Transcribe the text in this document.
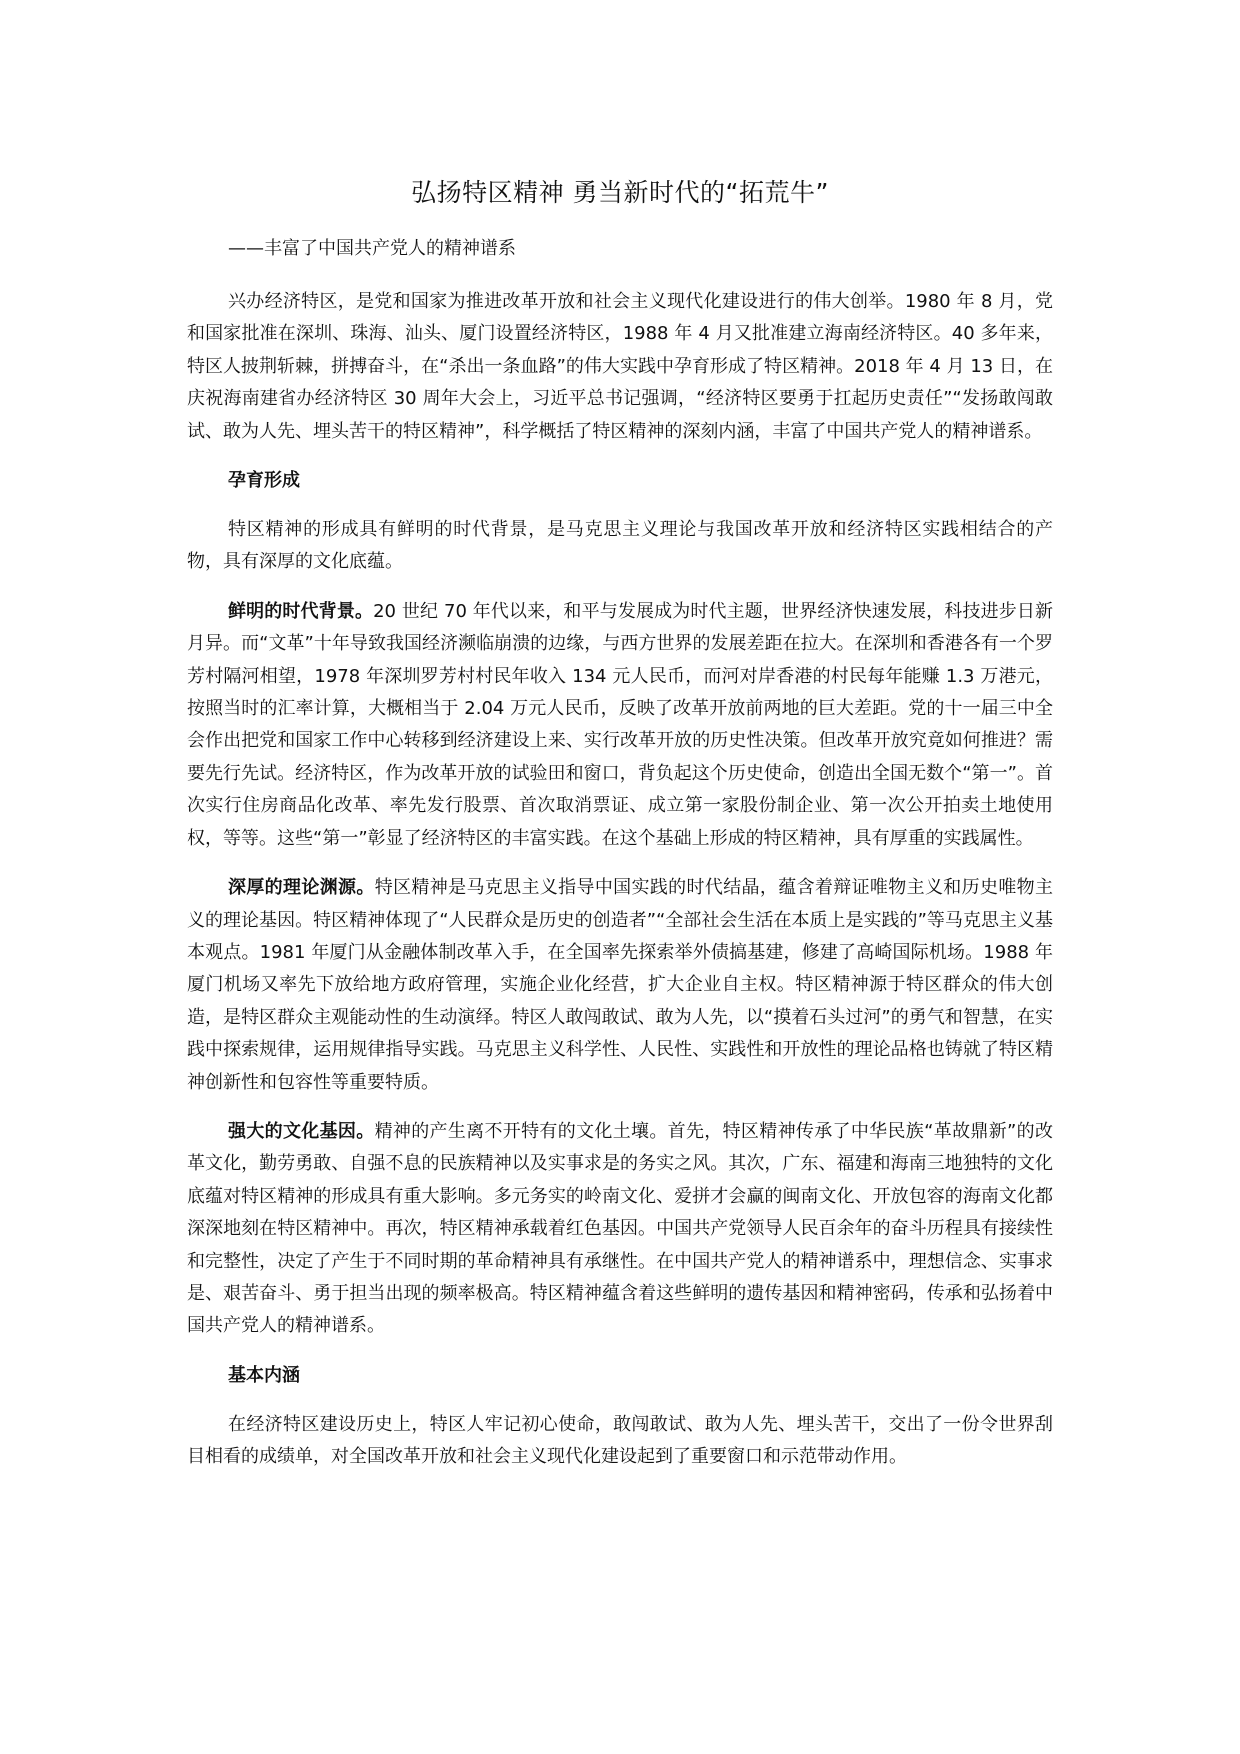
弘扬特区精神 勇当新时代的“拓荒牛”
——丰富了中国共产党人的精神谱系

兴办经济特区，是党和国家为推进改革开放和社会主义现代化建设进行的伟大创举。1980 年 8 月，党和国家批准在深圳、珠海、汕头、厦门设置经济特区，1988 年 4 月又批准建立海南经济特区。40 多年来，特区人披荆斩棘，拼搏奋斗，在“杀出一条血路”的伟大实践中孕育形成了特区精神。2018 年 4 月 13 日，在庆祝海南建省办经济特区 30 周年大会上，习近平总书记强调，“经济特区要勇于扛起历史责任”“发扬敢闯敢试、敢为人先、埋头苦干的特区精神”，科学概括了特区精神的深刻内涵，丰富了中国共产党人的精神谱系。

孕育形成

特区精神的形成具有鲜明的时代背景，是马克思主义理论与我国改革开放和经济特区实践相结合的产物，具有深厚的文化底蕴。

鲜明的时代背景。20 世纪 70 年代以来，和平与发展成为时代主题，世界经济快速发展，科技进步日新月异。而“文革”十年导致我国经济濒临崩溃的边缘，与西方世界的发展差距在拉大。在深圳和香港各有一个罗芳村隔河相望，1978 年深圳罗芳村村民年收入 134 元人民币，而河对岸香港的村民每年能赚 1.3 万港元，按照当时的汇率计算，大概相当于 2.04 万元人民币，反映了改革开放前两地的巨大差距。党的十一届三中全会作出把党和国家工作中心转移到经济建设上来、实行改革开放的历史性决策。但改革开放究竟如何推进？需要先行先试。经济特区，作为改革开放的试验田和窗口，背负起这个历史使命，创造出全国无数个“第一”。首次实行住房商品化改革、率先发行股票、首次取消票证、成立第一家股份制企业、第一次公开拍卖土地使用权，等等。这些“第一”彰显了经济特区的丰富实践。在这个基础上形成的特区精神，具有厚重的实践属性。

深厚的理论渊源。特区精神是马克思主义指导中国实践的时代结晶，蕴含着辩证唯物主义和历史唯物主义的理论基因。特区精神体现了“人民群众是历史的创造者”“全部社会生活在本质上是实践的”等马克思主义基本观点。1981 年厦门从金融体制改革入手，在全国率先探索举外债搞基建，修建了高崎国际机场。1988 年厦门机场又率先下放给地方政府管理，实施企业化经营，扩大企业自主权。特区精神源于特区群众的伟大创造，是特区群众主观能动性的生动演绎。特区人敢闯敢试、敢为人先，以“摸着石头过河”的勇气和智慧，在实践中探索规律，运用规律指导实践。马克思主义科学性、人民性、实践性和开放性的理论品格也铸就了特区精神创新性和包容性等重要特质。

强大的文化基因。精神的产生离不开特有的文化土壤。首先，特区精神传承了中华民族“革故鼎新”的改革文化，勤劳勇敢、自强不息的民族精神以及实事求是的务实之风。其次，广东、福建和海南三地独特的文化底蕴对特区精神的形成具有重大影响。多元务实的岭南文化、爱拼才会赢的闽南文化、开放包容的海南文化都深深地刻在特区精神中。再次，特区精神承载着红色基因。中国共产党领导人民百余年的奋斗历程具有接续性和完整性，决定了产生于不同时期的革命精神具有承继性。在中国共产党人的精神谱系中，理想信念、实事求是、艰苦奋斗、勇于担当出现的频率极高。特区精神蕴含着这些鲜明的遗传基因和精神密码，传承和弘扬着中国共产党人的精神谱系。

基本内涵

在经济特区建设历史上，特区人牢记初心使命，敢闯敢试、敢为人先、埋头苦干，交出了一份令世界刮目相看的成绩单，对全国改革开放和社会主义现代化建设起到了重要窗口和示范带动作用。
